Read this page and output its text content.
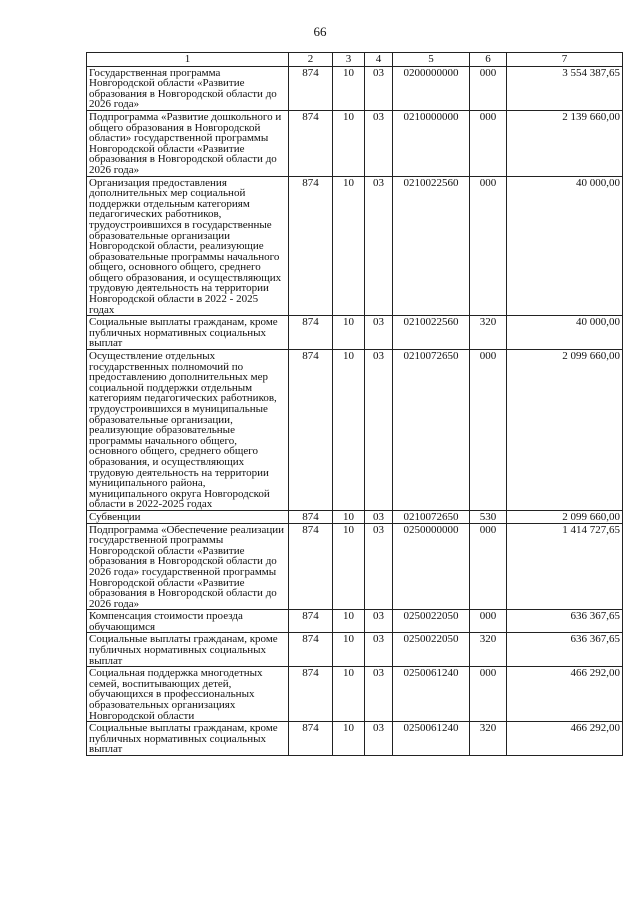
66
1	2	3	4	5	6	7
Государственная программа Новгородской области «Развитие образования в Новгородской области до 2026 года»	874	10	03	0200000000	000	3 554 387,65
Подпрограмма «Развитие дошкольного и общего образования в Новгородской области» государственной программы Новгородской области «Развитие образования в Новгородской области до 2026 года»	874	10	03	0210000000	000	2 139 660,00
Организация предоставления дополнительных мер социальной поддержки отдельным категориям педагогических работников, трудоустроившихся в государственные образовательные организации Новгородской области, реализующие образовательные программы начального общего, основного общего, среднего общего образования, и осуществляющих трудовую деятельность на территории Новгородской области в 2022 - 2025 годах	874	10	03	0210022560	000	40 000,00
Социальные выплаты гражданам, кроме публичных нормативных социальных выплат	874	10	03	0210022560	320	40 000,00
Осуществление отдельных государственных полномочий по предоставлению дополнительных мер социальной поддержки отдельным категориям педагогических работников, трудоустроившихся в муниципальные образовательные организации, реализующие образовательные программы начального общего, основного общего, среднего общего образования, и осуществляющих трудовую деятельность на территории муниципального района, муниципального округа Новгородской области в 2022-2025 годах	874	10	03	0210072650	000	2 099 660,00
Субвенции	874	10	03	0210072650	530	2 099 660,00
Подпрограмма «Обеспечение реализации государственной программы Новгородской области «Развитие образования в Новгородской области до 2026 года» государственной программы Новгородской области «Развитие образования в Новгородской области до 2026 года»	874	10	03	0250000000	000	1 414 727,65
Компенсация стоимости проезда обучающимся	874	10	03	0250022050	000	636 367,65
Социальные выплаты гражданам, кроме публичных нормативных социальных выплат	874	10	03	0250022050	320	636 367,65
Социальная поддержка многодетных семей, воспитывающих детей, обучающихся в профессиональных образовательных организациях Новгородской области	874	10	03	0250061240	000	466 292,00
Социальные выплаты гражданам, кроме публичных нормативных социальных выплат	874	10	03	0250061240	320	466 292,00
